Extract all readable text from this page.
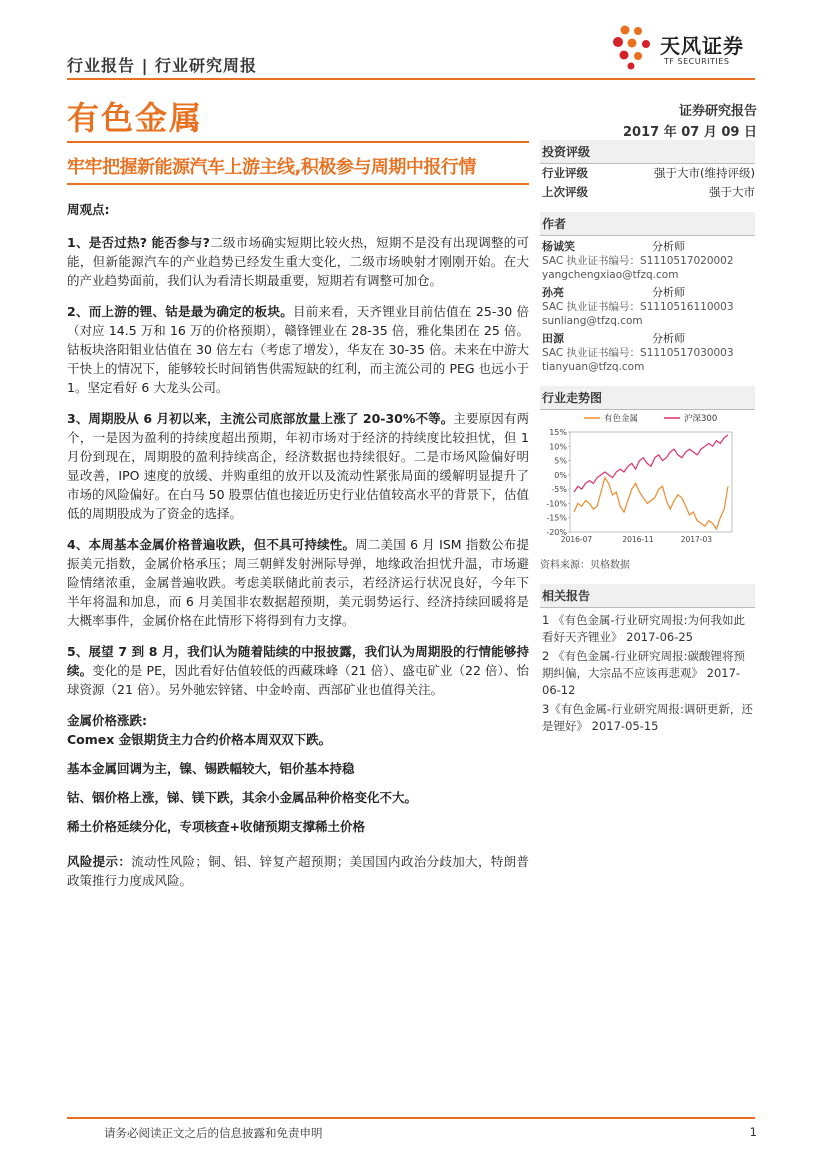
行业报告 | 行业研究周报
天风证券
TF SECURITIES
有色金属	证券研究报告
2017 年 07 月 09 日
牢牢把握新能源汽车上游主线,积极参与周期中报行情

周观点:

1、是否过热? 能否参与?二级市场确实短期比较火热，短期不是没有出现调整的可能，但新能源汽车的产业趋势已经发生重大变化，二级市场映射才刚刚开始。在大的产业趋势面前，我们认为看清长期最重要，短期若有调整可加仓。

2、而上游的锂、钴是最为确定的板块。目前来看，天齐锂业目前估值在 25-30 倍（对应 14.5 万和 16 万的价格预期），赣锋锂业在 28-35 倍，雅化集团在 25 倍。钴板块洛阳钼业估值在 30 倍左右（考虑了增发），华友在 30-35 倍。未来在中游大干快上的情况下，能够较长时间销售供需短缺的红利，而主流公司的 PEG 也远小于 1。坚定看好 6 大龙头公司。

3、周期股从 6 月初以来，主流公司底部放量上涨了 20-30%不等。主要原因有两个，一是因为盈利的持续度超出预期，年初市场对于经济的持续度比较担忧，但 1 月份到现在，周期股的盈利持续高企，经济数据也持续很好。二是市场风险偏好明显改善，IPO 速度的放缓、并购重组的放开以及流动性紧张局面的缓解明显提升了市场的风险偏好。在白马 50 股票估值也接近历史行业估值较高水平的背景下，估值低的周期股成为了资金的选择。

4、本周基本金属价格普遍收跌，但不具可持续性。周二美国 6 月 ISM 指数公布提振美元指数，金属价格承压；周三朝鲜发射洲际导弹，地缘政治担忧升温，市场避险情绪浓重，金属普遍收跌。考虑美联储此前表示，若经济运行状况良好，今年下半年将温和加息，而 6 月美国非农数据超预期，美元弱势运行、经济持续回暖将是大概率事件，金属价格在此情形下将得到有力支撑。

5、展望 7 到 8 月，我们认为随着陆续的中报披露，我们认为周期股的行情能够持续。变化的是 PE，因此看好估值较低的西藏珠峰（21 倍）、盛屯矿业（22 倍）、怡球资源（21 倍）。另外驰宏锌锗、中金岭南、西部矿业也值得关注。

金属价格涨跌:
Comex 金银期货主力合约价格本周双双下跌。

基本金属回调为主，镍、锡跌幅较大，铝价基本持稳

钴、铟价格上涨，锑、镁下跌，其余小金属品种价格变化不大。

稀土价格延续分化，专项核查+收储预期支撑稀土价格

风险提示：流动性风险；铜、铝、锌复产超预期；美国国内政治分歧加大，特朗普政策推行力度成风险。

投资评级
行业评级	强于大市(维持评级)
上次评级	强于大市
作者
杨诚笑	分析师
SAC 执业证书编号：S1110517020002
yangchengxiao@tfzq.com
孙亮	分析师
SAC 执业证书编号：S1110516110003
sunliang@tfzq.com
田源	分析师
SAC 执业证书编号：S1110517030003
tianyuan@tfzq.com
行业走势图
15%
10%
5%
0%
-5%
-10%
-15%
-20%
2016-07	2016-11	2017-03
有色金属	沪深300
资料来源：贝格数据
相关报告
1 《有色金属-行业研究周报:为何我如此看好天齐锂业》 2017-06-25
2 《有色金属-行业研究周报:碳酸锂将预期纠偏，大宗品不应该再悲观》 2017-06-12
3《有色金属-行业研究周报:调研更新，还是锂好》 2017-05-15
请务必阅读正文之后的信息披露和免责申明	1
